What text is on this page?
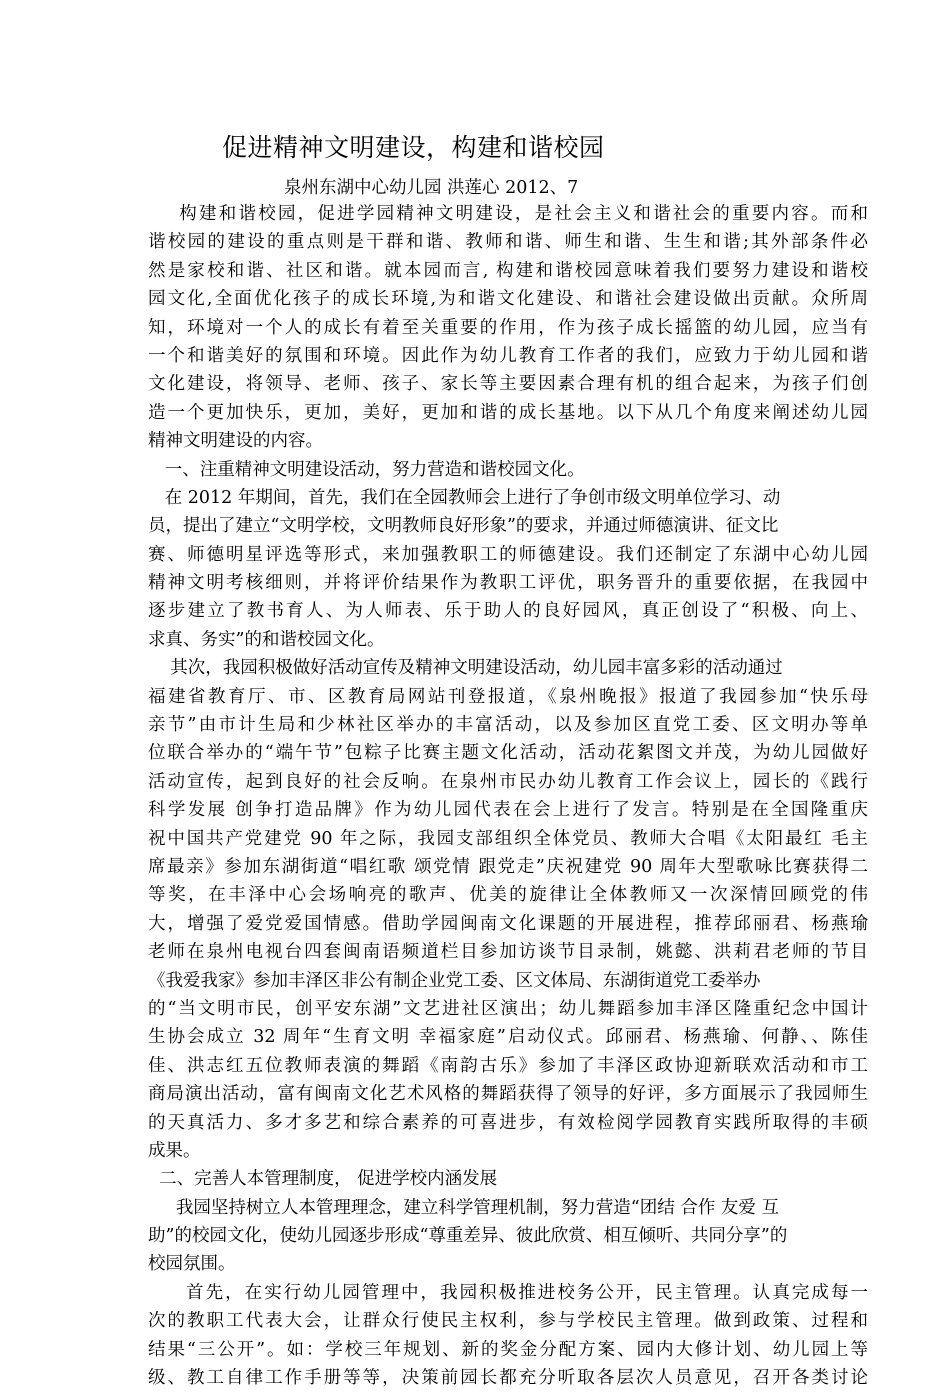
促进精神文明建设，构建和谐校园
泉州东湖中心幼儿园 洪莲心 2012、7
构建和谐校园，促进学园精神文明建设，是社会主义和谐社会的重要内容。而和
谐校园的建设的重点则是干群和谐、教师和谐、师生和谐、生生和谐;其外部条件必
然是家校和谐、社区和谐。就本园而言, 构建和谐校园意味着我们要努力建设和谐校
园文化,全面优化孩子的成长环境,为和谐文化建设、和谐社会建设做出贡献。众所周
知，环境对一个人的成长有着至关重要的作用，作为孩子成长摇篮的幼儿园，应当有
一个和谐美好的氛围和环境。因此作为幼儿教育工作者的我们，应致力于幼儿园和谐
文化建设，将领导、老师、孩子、家长等主要因素合理有机的组合起来，为孩子们创
造一个更加快乐，更加，美好，更加和谐的成长基地。以下从几个角度来阐述幼儿园
精神文明建设的内容。
一、注重精神文明建设活动，努力营造和谐校园文化。
在 2012 年期间，首先，我们在全园教师会上进行了争创市级文明单位学习、动
员，提出了建立“文明学校，文明教师良好形象”的要求，并通过师德演讲、征文比
赛、师德明星评选等形式，来加强教职工的师德建设。我们还制定了东湖中心幼儿园
精神文明考核细则，并将评价结果作为教职工评优，职务晋升的重要依据，在我园中
逐步建立了教书育人、为人师表、乐于助人的良好园风，真正创设了“积极、向上、
求真、务实”的和谐校园文化。
其次，我园积极做好活动宣传及精神文明建设活动，幼儿园丰富多彩的活动通过
福建省教育厅、市、区教育局网站刊登报道，《泉州晚报》报道了我园参加“快乐母
亲节”由市计生局和少林社区举办的丰富活动，以及参加区直党工委、区文明办等单
位联合举办的“端午节”包粽子比赛主题文化活动，活动花絮图文并茂，为幼儿园做好
活动宣传，起到良好的社会反响。在泉州市民办幼儿教育工作会议上，园长的《践行
科学发展 创争打造品牌》作为幼儿园代表在会上进行了发言。特别是在全国隆重庆
祝中国共产党建党 90 年之际，我园支部组织全体党员、教师大合唱《太阳最红 毛主
席最亲》参加东湖街道“唱红歌 颂党情 跟党走”庆祝建党 90 周年大型歌咏比赛获得二
等奖，在丰泽中心会场响亮的歌声、优美的旋律让全体教师又一次深情回顾党的伟
大，增强了爱党爱国情感。借助学园闽南文化课题的开展进程，推荐邱丽君、杨燕瑜
老师在泉州电视台四套闽南语频道栏目参加访谈节目录制，姚懿、洪莉君老师的节目
《我爱我家》参加丰泽区非公有制企业党工委、区文体局、东湖街道党工委举办
的“当文明市民，创平安东湖”文艺进社区演出；幼儿舞蹈参加丰泽区隆重纪念中国计
生协会成立 32 周年“生育文明 幸福家庭”启动仪式。邱丽君、杨燕瑜、何静、、陈佳
佳、洪志红五位教师表演的舞蹈《南韵古乐》参加了丰泽区政协迎新联欢活动和市工
商局演出活动，富有闽南文化艺术风格的舞蹈获得了领导的好评，多方面展示了我园师生
的天真活力、多才多艺和综合素养的可喜进步，有效检阅学园教育实践所取得的丰硕
成果。
二、完善人本管理制度， 促进学校内涵发展
我园坚持树立人本管理理念，建立科学管理机制，努力营造“团结 合作 友爱 互
助”的校园文化，使幼儿园逐步形成“尊重差异、彼此欣赏、相互倾听、共同分享”的
校园氛围。
首先，在实行幼儿园管理中，我园积极推进校务公开，民主管理。认真完成每一
次的教职工代表大会，让群众行使民主权利，参与学校民主管理。做到政策、过程和
结果“三公开”。如：学校三年规划、新的奖金分配方案、园内大修计划、幼儿园上等
级、教工自律工作手册等等，决策前园长都充分听取各层次人员意见，召开各类讨论
